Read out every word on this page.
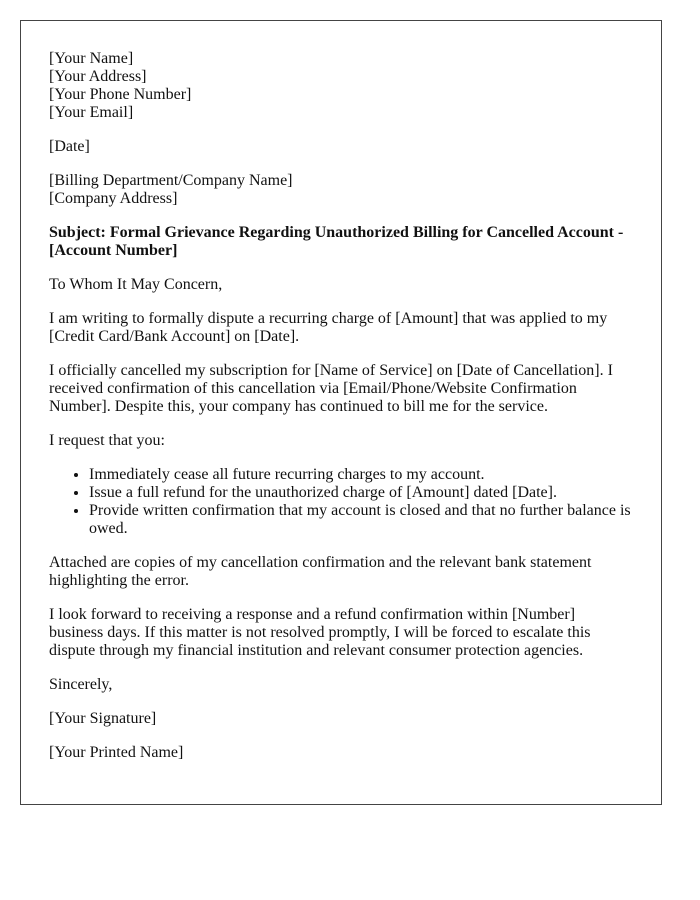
[Your Name]
[Your Address]
[Your Phone Number]
[Your Email]

[Date]

[Billing Department/Company Name]
[Company Address]

Subject: Formal Grievance Regarding Unauthorized Billing for Cancelled Account - [Account Number]

To Whom It May Concern,

I am writing to formally dispute a recurring charge of [Amount] that was applied to my [Credit Card/Bank Account] on [Date].

I officially cancelled my subscription for [Name of Service] on [Date of Cancellation]. I received confirmation of this cancellation via [Email/Phone/Website Confirmation Number]. Despite this, your company has continued to bill me for the service.

I request that you:

• Immediately cease all future recurring charges to my account.
• Issue a full refund for the unauthorized charge of [Amount] dated [Date].
• Provide written confirmation that my account is closed and that no further balance is owed.

Attached are copies of my cancellation confirmation and the relevant bank statement highlighting the error.

I look forward to receiving a response and a refund confirmation within [Number] business days. If this matter is not resolved promptly, I will be forced to escalate this dispute through my financial institution and relevant consumer protection agencies.

Sincerely,

[Your Signature]

[Your Printed Name]
